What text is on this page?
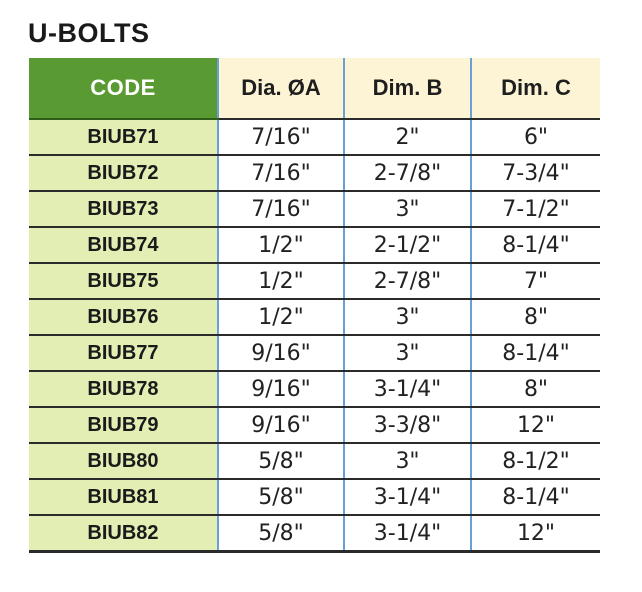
U-BOLTS
CODE	Dia. ØA	Dim. B	Dim. C
BIUB71	7/16"	2"	6"
BIUB72	7/16"	2-7/8"	7-3/4"
BIUB73	7/16"	3"	7-1/2"
BIUB74	1/2"	2-1/2"	8-1/4"
BIUB75	1/2"	2-7/8"	7"
BIUB76	1/2"	3"	8"
BIUB77	9/16"	3"	8-1/4"
BIUB78	9/16"	3-1/4"	8"
BIUB79	9/16"	3-3/8"	12"
BIUB80	5/8"	3"	8-1/2"
BIUB81	5/8"	3-1/4"	8-1/4"
BIUB82	5/8"	3-1/4"	12"
